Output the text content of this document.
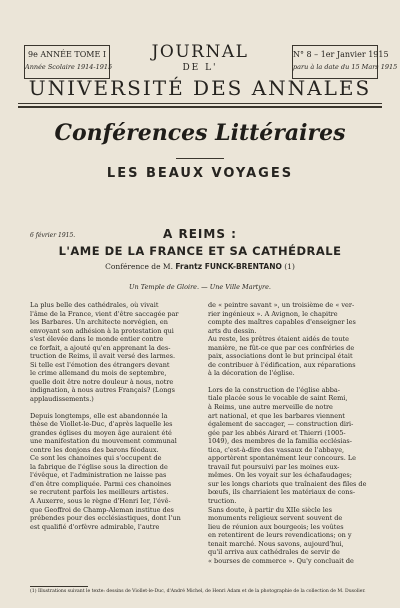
9e ANNÉE TOME I
Année Scolaire 1914-1915
JOURNAL
DE L'
N° 8 – 1er Janvier 1915
paru à la date du 15 Mars 1915
UNIVERSITÉ DES ANNALES
Conférences Littéraires
LES BEAUX VOYAGES
6 février 1915.	A REIMS :
L'AME DE LA FRANCE ET SA CATHÉDRALE
Conférence de M. Frantz FUNCK-BRENTANO (1)
Un Temple de Gloire. — Une Ville Martyre.
La plus belle des cathédrales, où vivait
l'âme de la France, vient d'être saccagée par
les Barbares. Un architecte norvégien, en
envoyant son adhésion à la protestation qui
s'est élevée dans le monde entier contre
ce forfait, a ajouté qu'en apprenant la des-
truction de Reims, il avait versé des larmes.
Si telle est l'émotion des étrangers devant
le crime allemand du mois de septembre,
quelle doit être notre douleur à nous, notre
indignation, à nous autres Français? (Longs
applaudissements.)
Depuis longtemps, elle est abandonnée la
thèse de Viollet-le-Duc, d'après laquelle les
grandes églises du moyen âge auraient été
une manifestation du mouvement communal
contre les donjons des barons féodaux.
Ce sont les chanoines qui s'occupent de
la fabrique de l'église sous la direction de
l'évêque, et l'administration ne laisse pas
d'en être compliquée. Parmi ces chanoines
se recrutent parfois les meilleurs artistes.
A Auxerre, sous le règne d'Henri Ier, l'évê-
que Geoffroi de Champ-Aleman institue des
prébendes pour des ecclésiastiques, dont l'un
est qualifié d'orfèvre admirable, l'autre
de « peintre savant », un troisième de « ver-
rier ingénieux ». A Avignon, le chapitre
compte des maîtres capables d'enseigner les
arts du dessin.
Au reste, les prêtres étaient aidés de toute
manière, ne fût-ce que par ces confréries de
paix, associations dont le but principal était
de contribuer à l'édification, aux réparations
à la décoration de l'église.
Lors de la construction de l'église abba-
tiale placée sous le vocable de saint Remi,
à Reims, une autre merveille de notre
art national, et que les barbares viennent
également de saccager, — construction diri-
gée par les abbés Airard et Thierri (1005-
1049), des membres de la familia ecclésias-
tica, c'est-à-dire des vassaux de l'abbaye,
apportèrent spontanément leur concours. Le
travail fut poursuivi par les moines eux-
mêmes. On les voyait sur les échafaudages;
sur les longs chariots que traînaient des files de
bœufs, ils charriaient les matériaux de cons-
truction.
Sans doute, à partir du XIIe siècle les
monuments religieux servent souvent de
lieu de réunion aux bourgeois; les voûtes
en retentirent de leurs revendications; on y
tenait marché. Nous savons, aujourd'hui,
qu'il arriva aux cathédrales de servir de
« bourses de commerce ». Qu'y concluait de
(1) Illustrations suivant le texte: dessins de Viollet-le-Duc, d'André Michel, de Henri Adam et de la photographie de la collection de M. Dusolier.
